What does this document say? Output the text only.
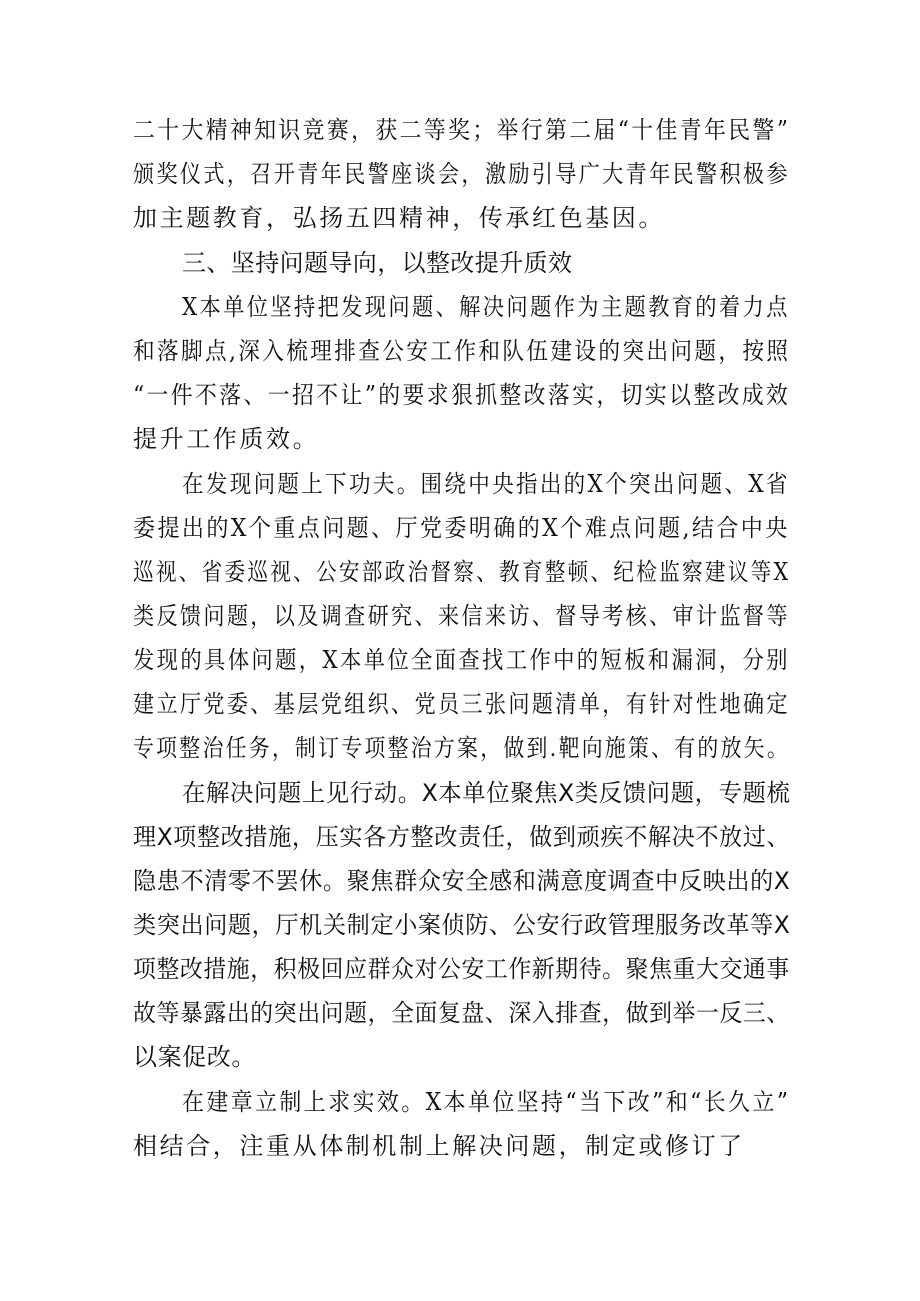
二十大精神知识竞赛，获二等奖；举行第二届“十佳青年民警”
颁奖仪式，召开青年民警座谈会，激励引导广大青年民警积极参
加主题教育，弘扬五四精神，传承红色基因。
三、坚持问题导向，以整改提升质效
X本单位坚持把发现问题、解决问题作为主题教育的着力点
和落脚点,深入梳理排查公安工作和队伍建设的突出问题，按照
“一件不落、一招不让”的要求狠抓整改落实，切实以整改成效
提升工作质效。
在发现问题上下功夫。围绕中央指出的X个突出问题、X省
委提出的X个重点问题、厅党委明确的X个难点问题,结合中央
巡视、省委巡视、公安部政治督察、教育整顿、纪检监察建议等X
类反馈问题，以及调查研究、来信来访、督导考核、审计监督等
发现的具体问题，X本单位全面查找工作中的短板和漏洞，分别
建立厅党委、基层党组织、党员三张问题清单，有针对性地确定
专项整治任务，制订专项整治方案，做到.靶向施策、有的放矢。
在解决问题上见行动。X本单位聚焦X类反馈问题，专题梳
理X项整改措施，压实各方整改责任，做到顽疾不解决不放过、
隐患不清零不罢休。聚焦群众安全感和满意度调查中反映出的X
类突出问题，厅机关制定小案侦防、公安行政管理服务改革等X
项整改措施，积极回应群众对公安工作新期待。聚焦重大交通事
故等暴露出的突出问题，全面复盘、深入排查，做到举一反三、
以案促改。
在建章立制上求实效。X本单位坚持“当下改”和“长久立”
相结合，注重从体制机制上解决问题，制定或修订了
